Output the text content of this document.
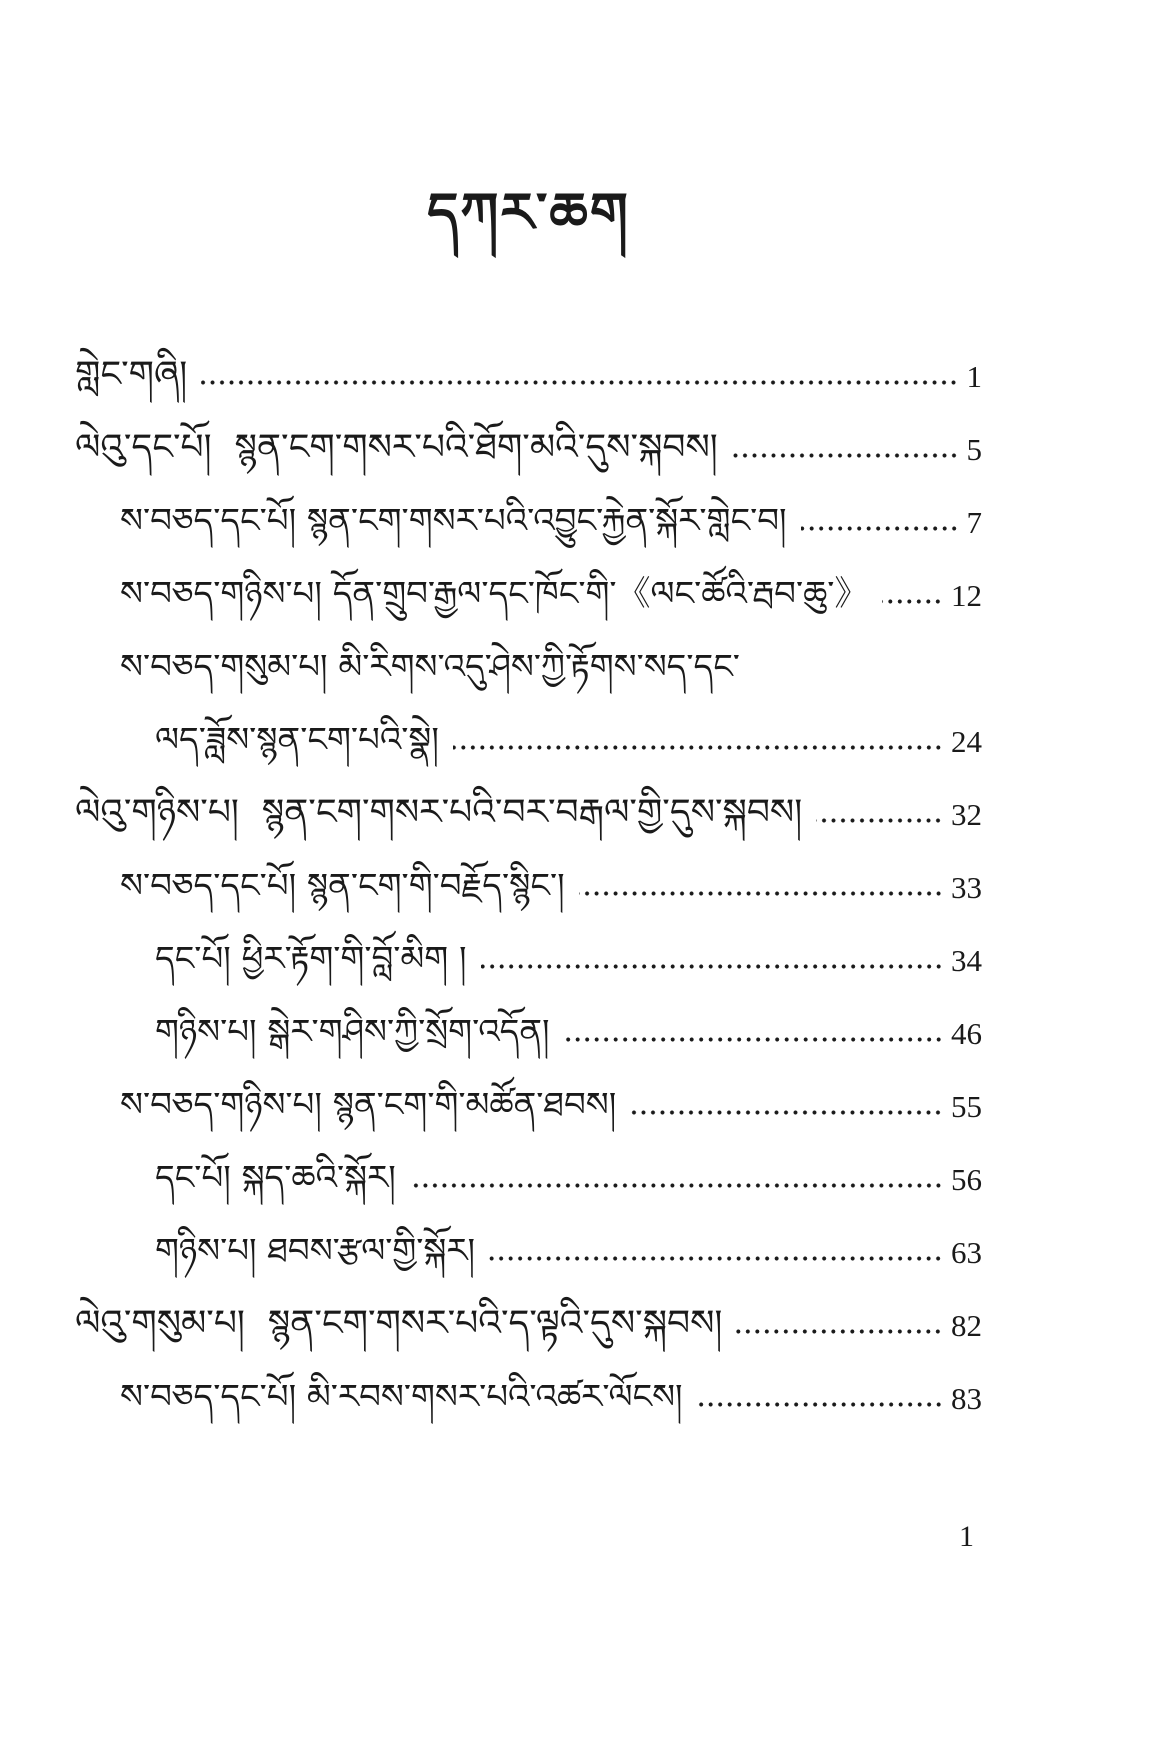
དཀར་ཆག
གླེང་གཞི།	1
ལེའུ་དང་པོ།  སྙན་ངག་གསར་པའི་ཐོག་མའི་དུས་སྐབས།	5
ས་བཅད་དང་པོ། སྙན་ངག་གསར་པའི་འབྱུང་རྐྱེན་སྐོར་གླེང་བ།	7
ས་བཅད་གཉིས་པ། དོན་གྲུབ་རྒྱལ་དང་ཁོང་གི་《ལང་ཚོའི་རྦབ་ཆུ་》	12
ས་བཅད་གསུམ་པ། མི་རིགས་འདུ་ཤེས་ཀྱི་རྟོགས་སད་དང་
ལད་ཟློས་སྙན་ངག་པའི་སྣེ།	24
ལེའུ་གཉིས་པ།  སྙན་ངག་གསར་པའི་བར་བརྒལ་གྱི་དུས་སྐབས།	32
ས་བཅད་དང་པོ། སྙན་ངག་གི་བརྗོད་སྙིང་།	33
དང་པོ། ཕྱིར་རྟོག་གི་བློ་མིག །	34
གཉིས་པ། སྒེར་གཤིས་ཀྱི་སྲོག་འདོན།	46
ས་བཅད་གཉིས་པ། སྙན་ངག་གི་མཚོན་ཐབས།	55
དང་པོ། སྐད་ཆའི་སྐོར།	56
གཉིས་པ། ཐབས་རྩལ་གྱི་སྐོར།	63
ལེའུ་གསུམ་པ།  སྙན་ངག་གསར་པའི་ད་ལྟའི་དུས་སྐབས།	82
ས་བཅད་དང་པོ། མི་རབས་གསར་པའི་འཚར་ལོངས།	83
1
